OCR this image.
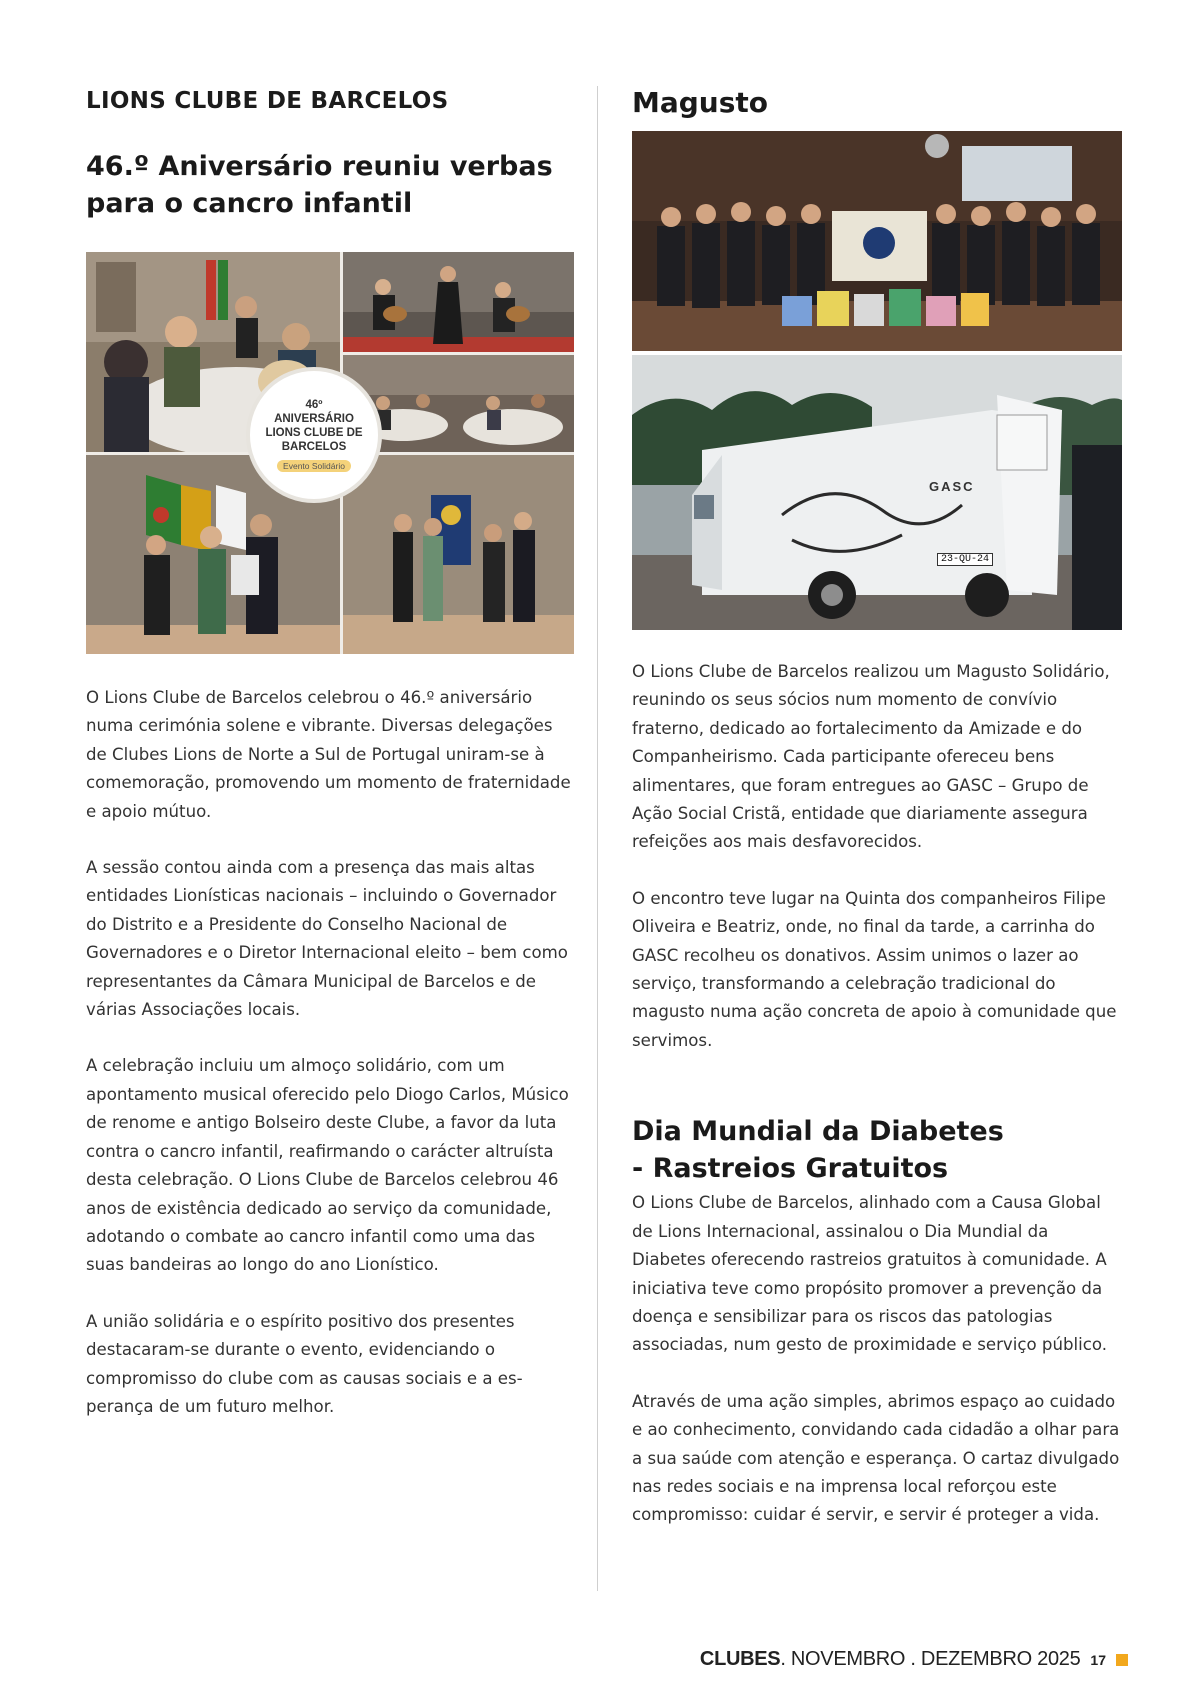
LIONS CLUBE DE BARCELOS
46.º Aniversário reuniu verbas
para o cancro infantil
46º
ANIVERSÁRIO
LIONS CLUBE DE
BARCELOS
Evento Solidário

O Lions Clube de Barcelos celebrou o 46.º aniversário numa cerimónia solene e vibrante. Diversas delegações de Clubes Lions de Norte a Sul de Portugal uniram-se à comemoração, promovendo um momento de fraternidade e apoio mútuo.

A sessão contou ainda com a presença das mais altas entidades Lionísticas nacionais – incluindo o Governador do Distrito e a Presidente do Conselho Nacional de Governadores e o Diretor Internacional eleito – bem como representantes da Câmara Municipal de Barcelos e de várias Associações locais.

A celebração incluiu um almoço solidário, com um apontamento musical oferecido pelo Diogo Carlos, Músico de renome e antigo Bolseiro deste Clube, a favor da luta contra o cancro infantil, reafirmando o carácter altruísta desta celebração. O Lions Clube de Barcelos celebrou 46 anos de existência dedicado ao serviço da comunidade, adotando o combate ao cancro infantil como uma das suas bandeiras ao longo do ano Lionístico.

A união solidária e o espírito positivo dos presentes destacaram-se durante o evento, evidenciando o compromisso do clube com as causas sociais e a esperança de um futuro melhor.

Magusto
GASC
23-QU-24

O Lions Clube de Barcelos realizou um Magusto Solidário, reunindo os seus sócios num momento de convívio fraterno, dedicado ao fortalecimento da Amizade e do Companheirismo. Cada participante ofereceu bens alimentares, que foram entregues ao GASC – Grupo de Ação Social Cristã, entidade que diariamente assegura refeições aos mais desfavorecidos.

O encontro teve lugar na Quinta dos companheiros Filipe Oliveira e Beatriz, onde, no final da tarde, a carrinha do GASC recolheu os donativos. Assim unimos o lazer ao serviço, transformando a celebração tradicional do magusto numa ação concreta de apoio à comunidade que servimos.

Dia Mundial da Diabetes
- Rastreios Gratuitos

O Lions Clube de Barcelos, alinhado com a Causa Global de Lions Internacional, assinalou o Dia Mundial da Diabetes oferecendo rastreios gratuitos à comunidade. A iniciativa teve como propósito promover a prevenção da doença e sensibilizar para os riscos das patologias associadas, num gesto de proximidade e serviço público.

Através de uma ação simples, abrimos espaço ao cuidado e ao conhecimento, convidando cada cidadão a olhar para a sua saúde com atenção e esperança. O cartaz divulgado nas redes sociais e na imprensa local reforçou este compromisso: cuidar é servir, e servir é proteger a vida.

CLUBES. NOVEMBRO . DEZEMBRO 2025 17
